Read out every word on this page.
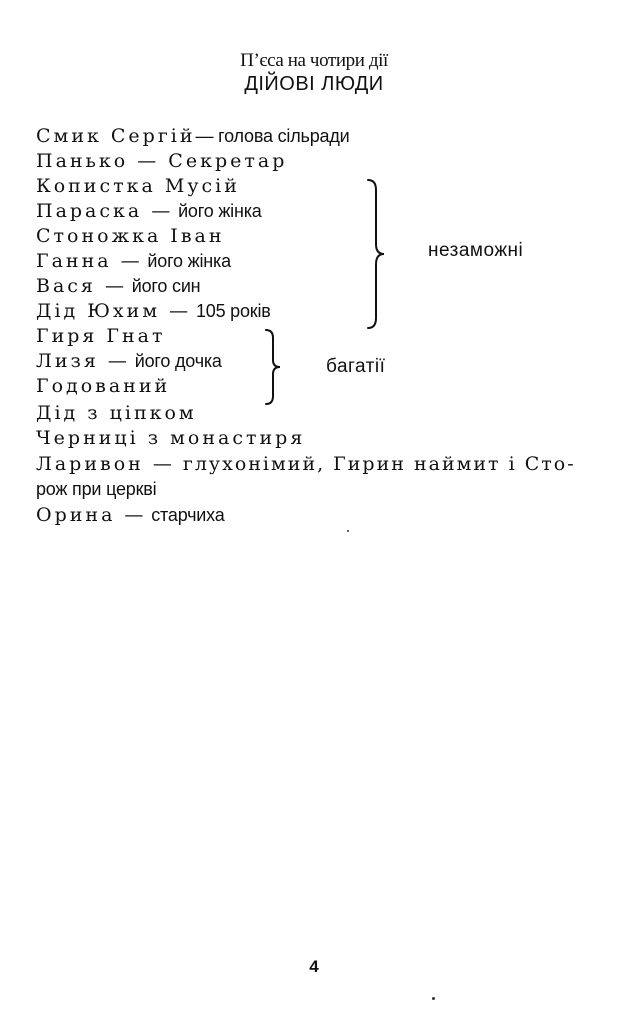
П’єса на чотири дії
ДІЙОВІ ЛЮДИ
Смик Сергій— голова сільради
Панько — Секретар
Копистка Мусій
Параска — його жінка
Стоножка Іван
Ганна — його жінка
Вася — його син
Дід Юхим — 105 років
Гиря Гнат
Лизя — його дочка
Годований
Дід з ціпком
Черниці з монастиря
Ларивон — глухонімий, Гирин наймит і Сто-
рож при церкві
Орина — старчиха
незаможні
багатії
4
